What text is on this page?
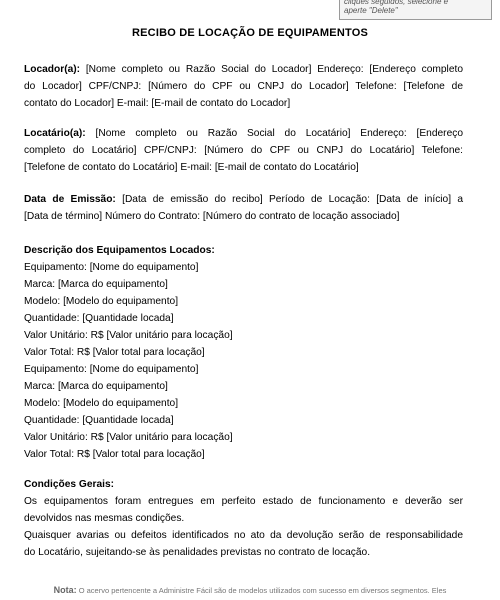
cliques seguidos, selecione e
aperte "Delete"
RECIBO DE LOCAÇÃO DE EQUIPAMENTOS
Locador(a): [Nome completo ou Razão Social do Locador] Endereço: [Endereço completo
do Locador] CPF/CNPJ: [Número do CPF ou CNPJ do Locador] Telefone: [Telefone de
contato do Locador] E-mail: [E-mail de contato do Locador]
Locatário(a): [Nome completo ou Razão Social do Locatário] Endereço: [Endereço
completo do Locatário] CPF/CNPJ: [Número do CPF ou CNPJ do Locatário] Telefone:
[Telefone de contato do Locatário] E-mail: [E-mail de contato do Locatário]
Data de Emissão: [Data de emissão do recibo] Período de Locação: [Data de início] a
[Data de término] Número do Contrato: [Número do contrato de locação associado]
Descrição dos Equipamentos Locados:
Equipamento: [Nome do equipamento]
Marca: [Marca do equipamento]
Modelo: [Modelo do equipamento]
Quantidade: [Quantidade locada]
Valor Unitário: R$ [Valor unitário para locação]
Valor Total: R$ [Valor total para locação]
Equipamento: [Nome do equipamento]
Marca: [Marca do equipamento]
Modelo: [Modelo do equipamento]
Quantidade: [Quantidade locada]
Valor Unitário: R$ [Valor unitário para locação]
Valor Total: R$ [Valor total para locação]
Condições Gerais:
Os equipamentos foram entregues em perfeito estado de funcionamento e deverão ser
devolvidos nas mesmas condições.
Quaisquer avarias ou defeitos identificados no ato da devolução serão de responsabilidade
do Locatário, sujeitando-se às penalidades previstas no contrato de locação.
Nota: O acervo pertencente a Administre Fácil são de modelos utilizados com sucesso em diversos segmentos. Eles
